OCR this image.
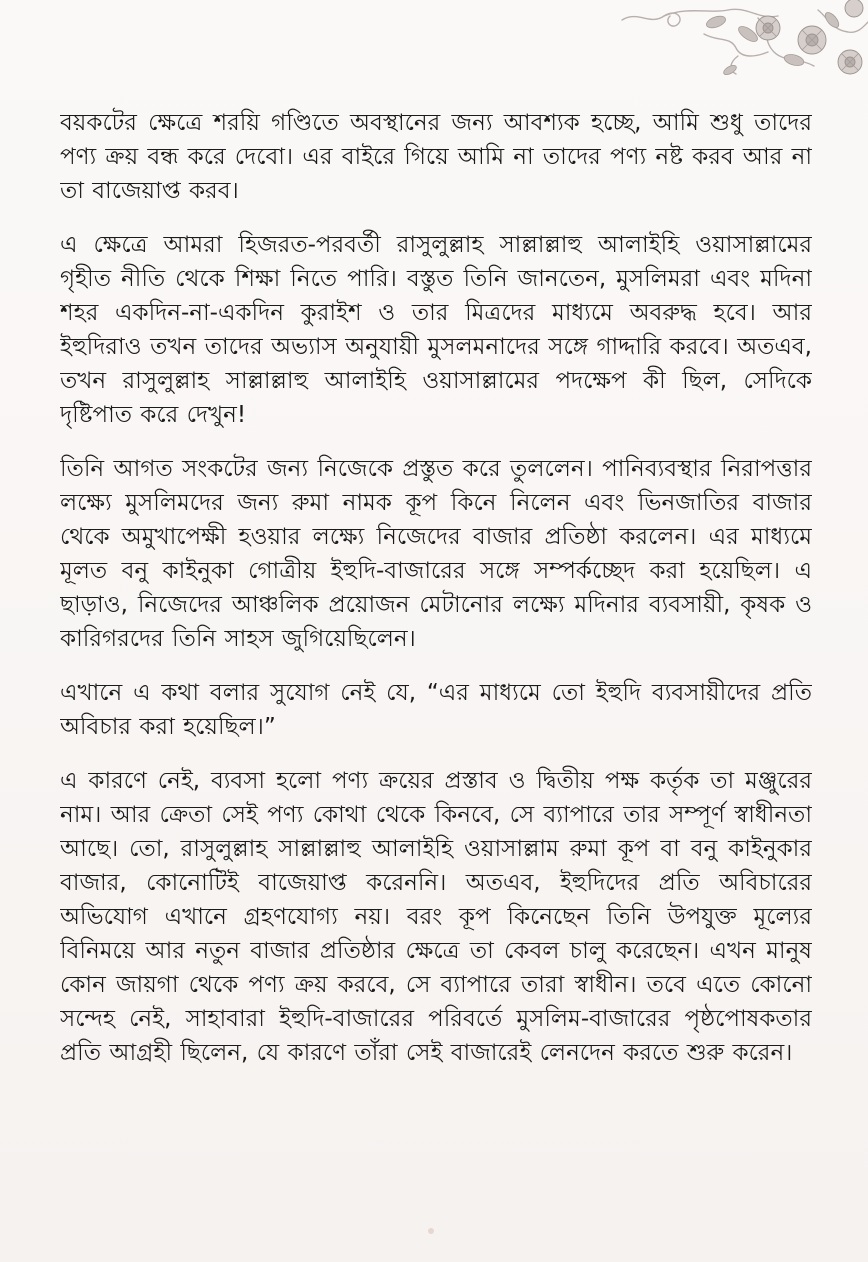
বয়কটের ক্ষেত্রে শরয়ি গণ্ডিতে অবস্থানের জন্য আবশ্যক হচ্ছে, আমি শুধু তাদের পণ্য ক্রয় বন্ধ করে দেবো। এর বাইরে গিয়ে আমি না তাদের পণ্য নষ্ট করব আর না তা বাজেয়াপ্ত করব।

এ ক্ষেত্রে আমরা হিজরত-পরবর্তী রাসুলুল্লাহ সাল্লাল্লাহু আলাইহি ওয়াসাল্লামের গৃহীত নীতি থেকে শিক্ষা নিতে পারি। বস্তুত তিনি জানতেন, মুসলিমরা এবং মদিনা শহর একদিন-না-একদিন কুরাইশ ও তার মিত্রদের মাধ্যমে অবরুদ্ধ হবে। আর ইহুদিরাও তখন তাদের অভ্যাস অনুযায়ী মুসলমনাদের সঙ্গে গাদ্দারি করবে। অতএব, তখন রাসুলুল্লাহ সাল্লাল্লাহু আলাইহি ওয়াসাল্লামের পদক্ষেপ কী ছিল, সেদিকে দৃষ্টিপাত করে দেখুন!

তিনি আগত সংকটের জন্য নিজেকে প্রস্তুত করে তুললেন। পানিব্যবস্থার নিরাপত্তার লক্ষ্যে মুসলিমদের জন্য রুমা নামক কূপ কিনে নিলেন এবং ভিনজাতির বাজার থেকে অমুখাপেক্ষী হওয়ার লক্ষ্যে নিজেদের বাজার প্রতিষ্ঠা করলেন। এর মাধ্যমে মূলত বনু কাইনুকা গোত্রীয় ইহুদি-বাজারের সঙ্গে সম্পর্কচ্ছেদ করা হয়েছিল। এ ছাড়াও, নিজেদের আঞ্চলিক প্রয়োজন মেটানোর লক্ষ্যে মদিনার ব্যবসায়ী, কৃষক ও কারিগরদের তিনি সাহস জুগিয়েছিলেন।

এখানে এ কথা বলার সুযোগ নেই যে, “এর মাধ্যমে তো ইহুদি ব্যবসায়ীদের প্রতি অবিচার করা হয়েছিল।”

এ কারণে নেই, ব্যবসা হলো পণ্য ক্রয়ের প্রস্তাব ও দ্বিতীয় পক্ষ কর্তৃক তা মঞ্জুরের নাম। আর ক্রেতা সেই পণ্য কোথা থেকে কিনবে, সে ব্যাপারে তার সম্পূর্ণ স্বাধীনতা আছে। তো, রাসুলুল্লাহ সাল্লাল্লাহু আলাইহি ওয়াসাল্লাম রুমা কূপ বা বনু কাইনুকার বাজার, কোনোটিই বাজেয়াপ্ত করেননি। অতএব, ইহুদিদের প্রতি অবিচারের অভিযোগ এখানে গ্রহণযোগ্য নয়। বরং কূপ কিনেছেন তিনি উপযুক্ত মূল্যের বিনিময়ে আর নতুন বাজার প্রতিষ্ঠার ক্ষেত্রে তা কেবল চালু করেছেন। এখন মানুষ কোন জায়গা থেকে পণ্য ক্রয় করবে, সে ব্যাপারে তারা স্বাধীন। তবে এতে কোনো সন্দেহ নেই, সাহাবারা ইহুদি-বাজারের পরিবর্তে মুসলিম-বাজারের পৃষ্ঠপোষকতার প্রতি আগ্রহী ছিলেন, যে কারণে তাঁরা সেই বাজারেই লেনদেন করতে শুরু করেন।
